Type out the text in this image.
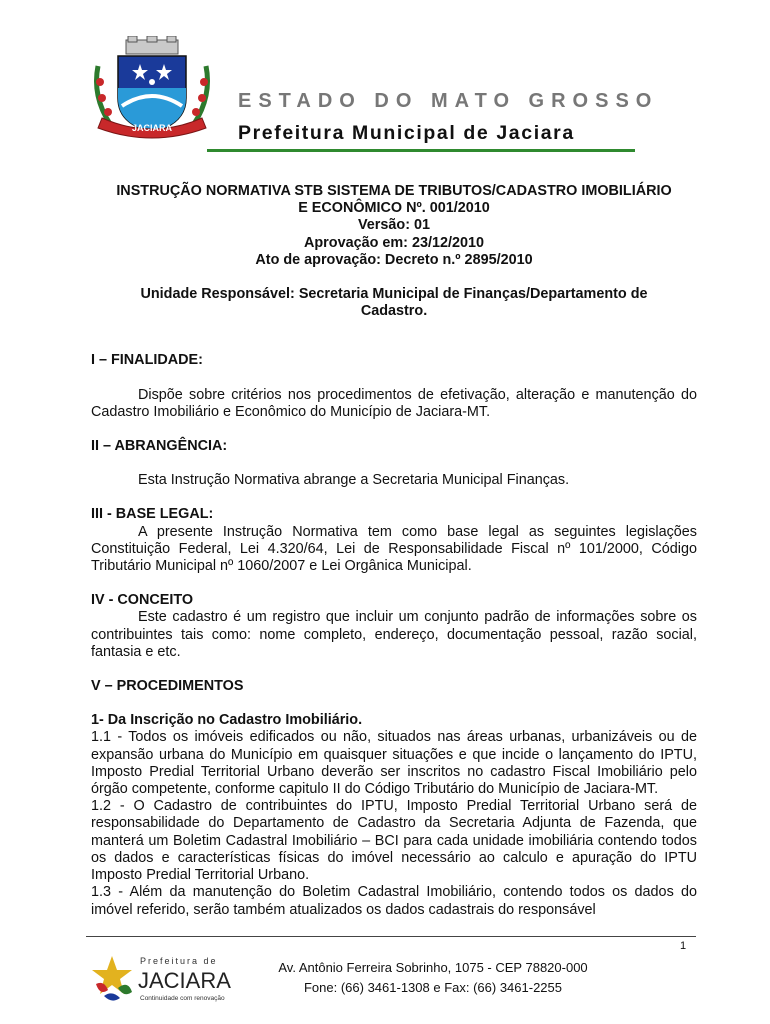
JACIARA
ESTADO DO MATO GROSSO
Prefeitura Municipal de Jaciara

INSTRUÇÃO NORMATIVA STB SISTEMA DE TRIBUTOS/CADASTRO IMOBILIÁRIO

E ECONÔMICO Nº. 001/2010

Versão: 01

Aprovação em: 23/12/2010

Ato de aprovação: Decreto n.º 2895/2010

Unidade Responsável: Secretaria Municipal de Finanças/Departamento de Cadastro.

I – FINALIDADE:

Dispõe sobre critérios nos procedimentos de efetivação, alteração e manutenção do Cadastro Imobiliário e Econômico do Município de Jaciara-MT.

II – ABRANGÊNCIA:

Esta Instrução Normativa abrange a Secretaria Municipal Finanças.

III - BASE LEGAL:

A presente Instrução Normativa tem como base legal as seguintes legislações Constituição Federal, Lei 4.320/64, Lei de Responsabilidade Fiscal nº 101/2000, Código Tributário Municipal nº 1060/2007 e Lei Orgânica Municipal.

IV - CONCEITO

Este cadastro é um registro que incluir um conjunto padrão de informações sobre os contribuintes tais como: nome completo, endereço, documentação pessoal, razão social, fantasia e etc.

V – PROCEDIMENTOS

1- Da Inscrição no Cadastro Imobiliário.

1.1 - Todos os imóveis edificados ou não, situados nas áreas urbanas, urbanizáveis ou de expansão urbana do Município em quaisquer situações e que incide o lançamento do IPTU, Imposto Predial Territorial Urbano deverão ser inscritos no cadastro Fiscal Imobiliário pelo órgão competente, conforme capitulo II do Código Tributário do Município de Jaciara-MT.

1.2 - O Cadastro de contribuintes do IPTU, Imposto Predial Territorial Urbano será de responsabilidade do Departamento de Cadastro da Secretaria Adjunta de Fazenda, que manterá um Boletim Cadastral Imobiliário – BCI para cada unidade imobiliária contendo todos os dados e características físicas do imóvel necessário ao calculo e apuração do IPTU Imposto Predial Territorial Urbano.

1.3 - Além da manutenção do Boletim Cadastral Imobiliário, contendo todos os dados do imóvel referido, serão também atualizados os dados cadastrais do responsável

1
Prefeitura de
JACIARA
Continuidade com renovação
Av. Antônio Ferreira Sobrinho, 1075 - CEP 78820-000
Fone: (66) 3461-1308 e Fax: (66) 3461-2255
